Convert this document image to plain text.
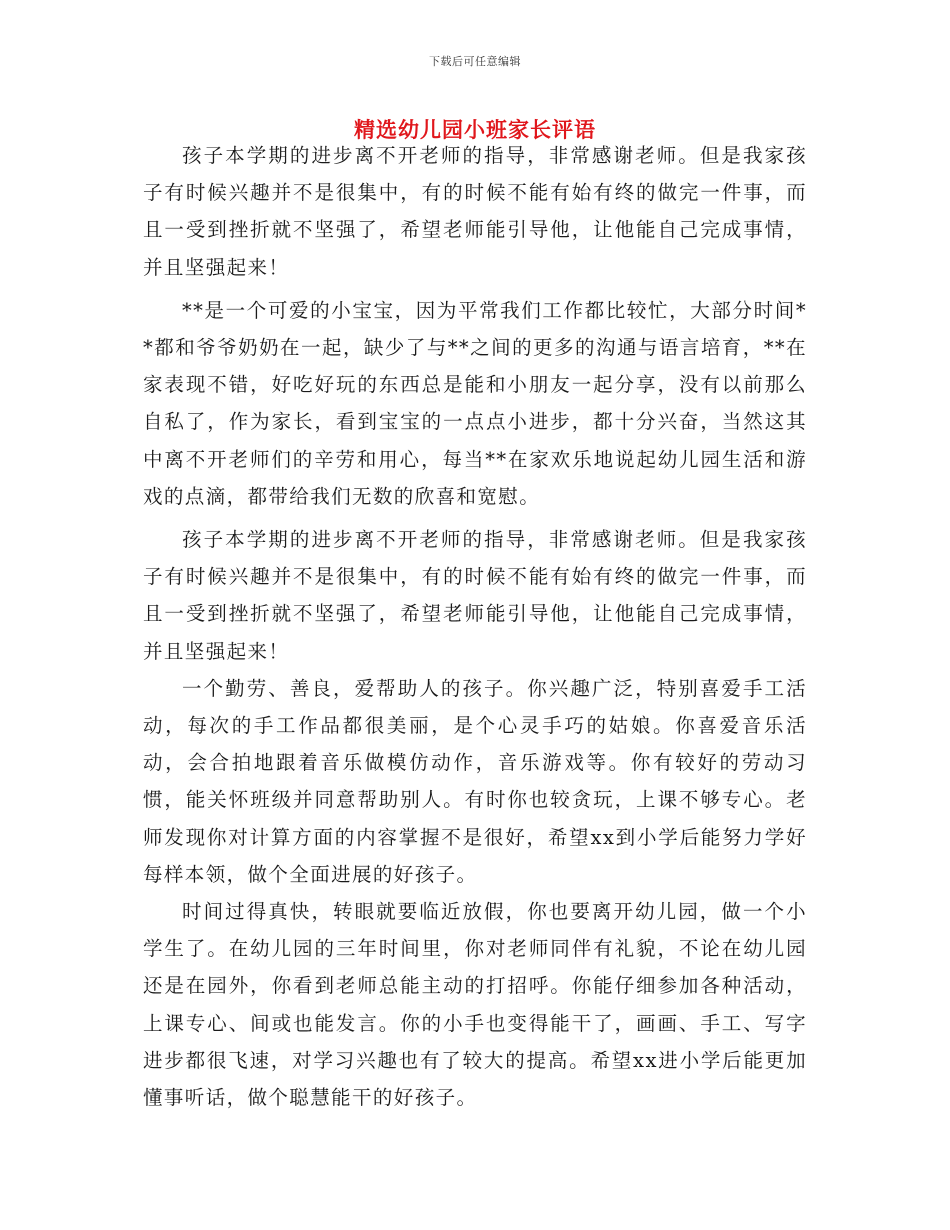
下载后可任意编辑
精选幼儿园小班家长评语

孩子本学期的进步离不开老师的指导，非常感谢老师。但是我家孩子有时候兴趣并不是很集中，有的时候不能有始有终的做完一件事，而且一受到挫折就不坚强了，希望老师能引导他，让他能自己完成事情，并且坚强起来！

**是一个可爱的小宝宝，因为平常我们工作都比较忙，大部分时间**都和爷爷奶奶在一起，缺少了与**之间的更多的沟通与语言培育，**在家表现不错，好吃好玩的东西总是能和小朋友一起分享，没有以前那么自私了，作为家长，看到宝宝的一点点小进步，都十分兴奋，当然这其中离不开老师们的辛劳和用心，每当**在家欢乐地说起幼儿园生活和游戏的点滴，都带给我们无数的欣喜和宽慰。

孩子本学期的进步离不开老师的指导，非常感谢老师。但是我家孩子有时候兴趣并不是很集中，有的时候不能有始有终的做完一件事，而且一受到挫折就不坚强了，希望老师能引导他，让他能自己完成事情，并且坚强起来！

一个勤劳、善良，爱帮助人的孩子。你兴趣广泛，特别喜爱手工活动，每次的手工作品都很美丽，是个心灵手巧的姑娘。你喜爱音乐活动，会合拍地跟着音乐做模仿动作，音乐游戏等。你有较好的劳动习惯，能关怀班级并同意帮助别人。有时你也较贪玩，上课不够专心。老师发现你对计算方面的内容掌握不是很好，希望xx到小学后能努力学好每样本领，做个全面进展的好孩子。

时间过得真快，转眼就要临近放假，你也要离开幼儿园，做一个小学生了。在幼儿园的三年时间里，你对老师同伴有礼貌，不论在幼儿园还是在园外，你看到老师总能主动的打招呼。你能仔细参加各种活动，上课专心、间或也能发言。你的小手也变得能干了，画画、手工、写字进步都很飞速，对学习兴趣也有了较大的提高。希望xx进小学后能更加懂事听话，做个聪慧能干的好孩子。
